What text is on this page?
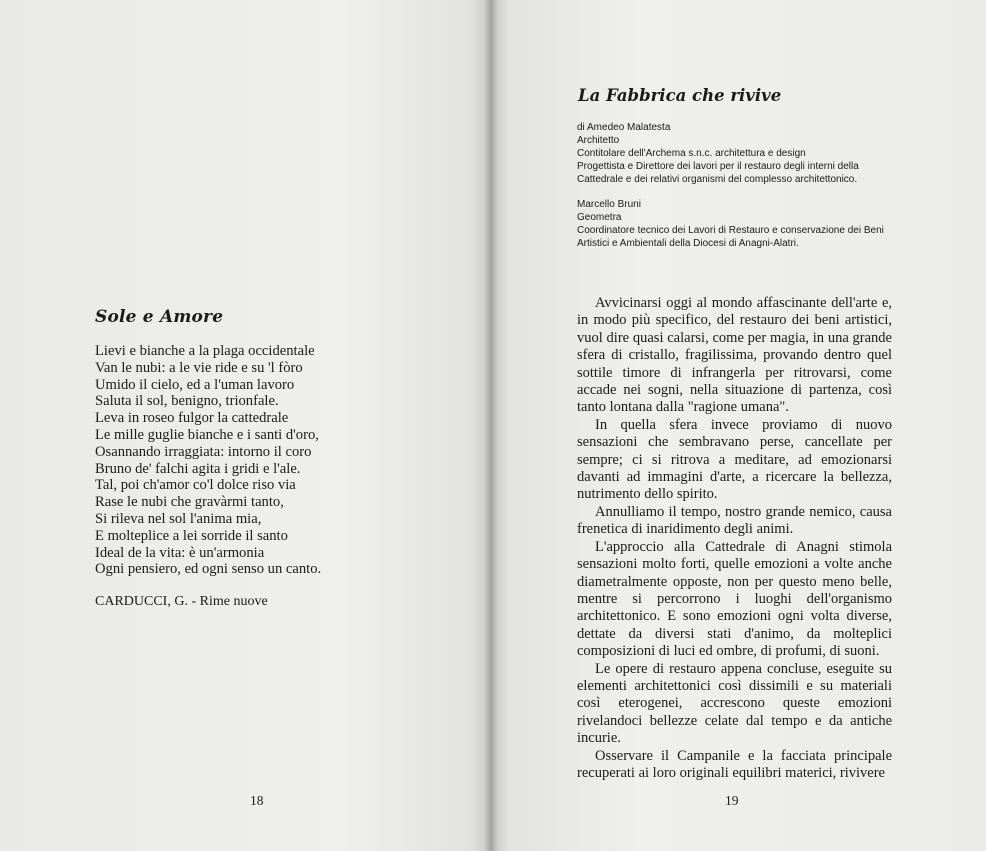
Sole e Amore
Lievi e bianche a la plaga occidentale
Van le nubi: a le vie ride e su 'l fòro
Umido il cielo, ed a l'uman lavoro
Saluta il sol, benigno, trionfale.
Leva in roseo fulgor la cattedrale
Le mille guglie bianche e i santi d'oro,
Osannando irraggiata: intorno il coro
Bruno de' falchi agita i gridi e l'ale.
Tal, poi ch'amor co'l dolce riso via
Rase le nubi che gravàrmi tanto,
Si rileva nel sol l'anima mia,
E molteplice a lei sorride il santo
Ideal de la vita: è un'armonia
Ogni pensiero, ed ogni senso un canto.

CARDUCCI, G. - Rime nuove

18
La Fabbrica che rivive
di Amedeo Malatesta
Architetto
Contitolare dell'Archema s.n.c. architettura e design
Progettista e Direttore dei lavori per il restauro degli interni della
Cattedrale e dei relativi organismi del complesso architettonico.
Marcello Bruni
Geometra
Coordinatore tecnico dei Lavori di Restauro e conservazione dei Beni
Artistici e Ambientali della Diocesi di Anagni-Alatri.

Avvicinarsi oggi al mondo affascinante dell'arte e, in modo più specifico, del restauro dei beni artistici, vuol dire quasi calarsi, come per magia, in una grande sfera di cristallo, fragilissima, provando dentro quel sottile timore di infrangerla per ritrovarsi, come accade nei sogni, nella situazione di partenza, così tanto lontana dalla "ragione umana".

In quella sfera invece proviamo di nuovo sensazioni che sembravano perse, cancellate per sempre; ci si ritrova a meditare, ad emozionarsi davanti ad immagini d'arte, a ricercare la bellezza, nutrimento dello spirito.

Annulliamo il tempo, nostro grande nemico, causa frenetica di inaridimento degli animi.

L'approccio alla Cattedrale di Anagni stimola sensazioni molto forti, quelle emozioni a volte anche diametralmente opposte, non per questo meno belle, mentre si percorrono i luoghi dell'organismo architettonico. E sono emozioni ogni volta diverse, dettate da diversi stati d'animo, da molteplici composizioni di luci ed ombre, di profumi, di suoni.

Le opere di restauro appena concluse, eseguite su elementi architettonici così dissimili e su materiali così eterogenei, accrescono queste emozioni rivelandoci bellezze celate dal tempo e da antiche incurie.

Osservare il Campanile e la facciata principale recuperati ai loro originali equilibri materici, rivivere

19
